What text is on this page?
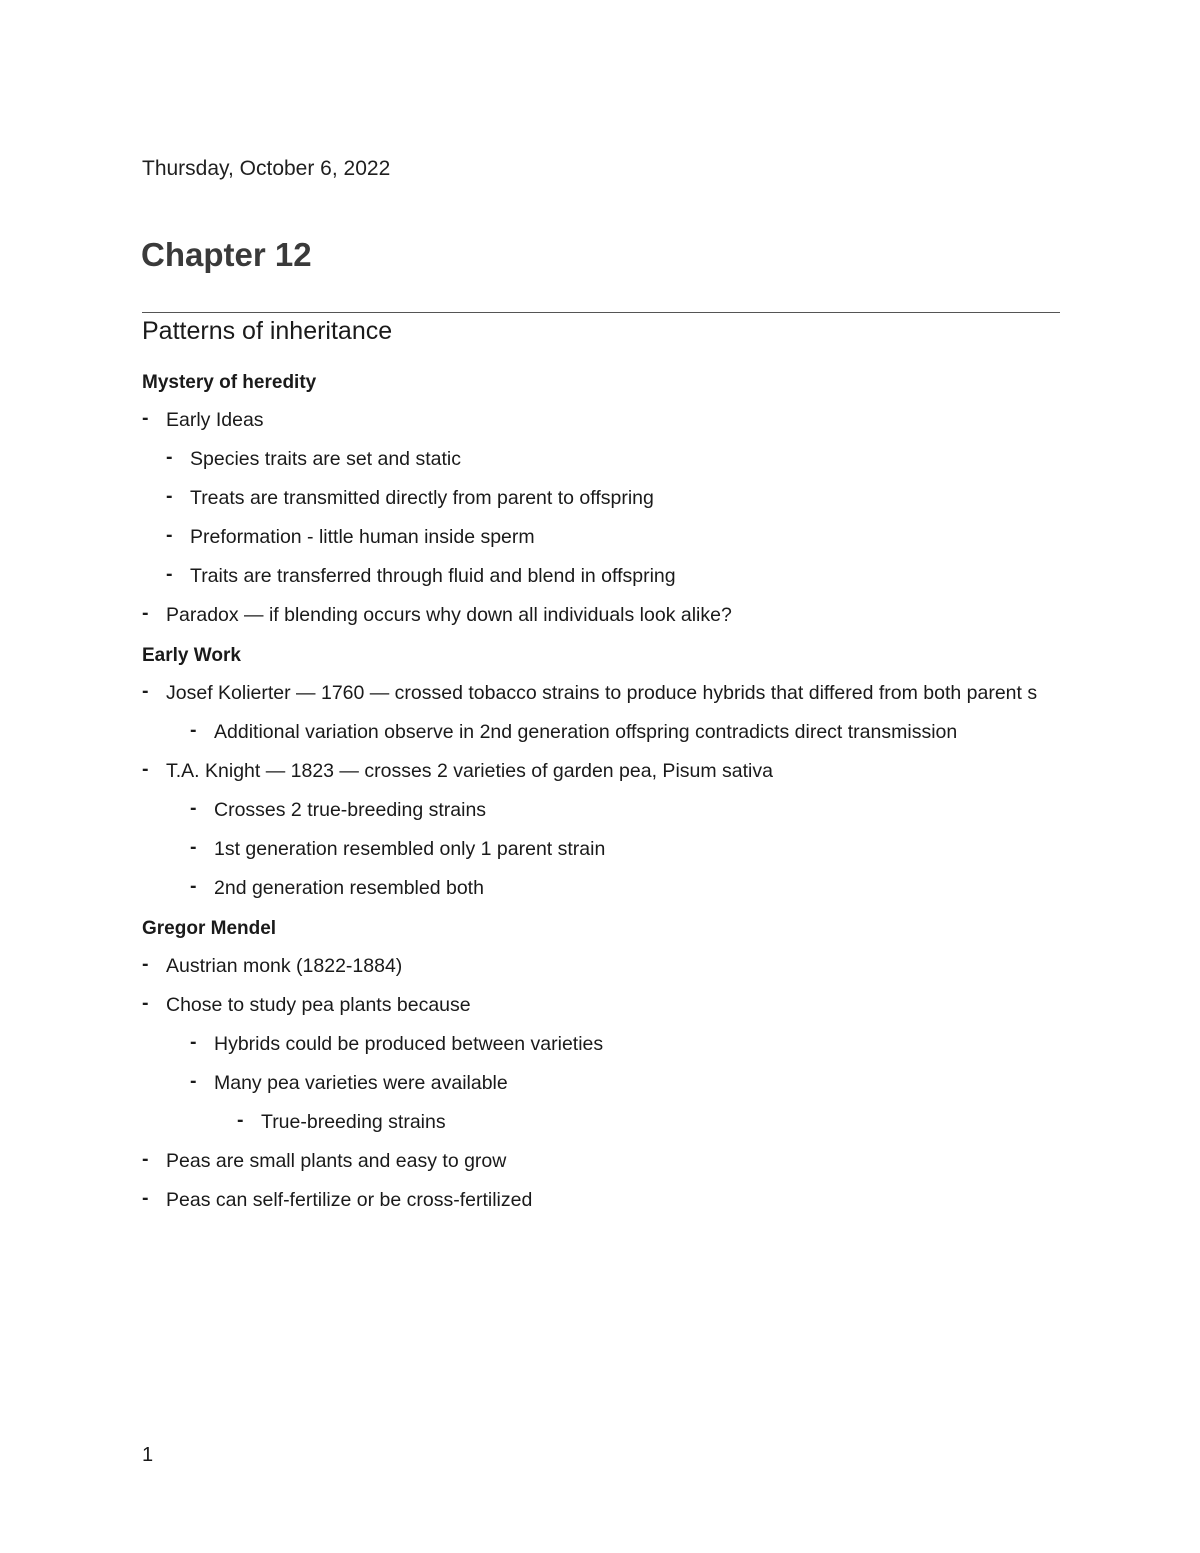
Thursday, October 6, 2022
Chapter 12
Patterns of inheritance
Mystery of heredity
- Early Ideas
- Species traits are set and static
- Treats are transmitted directly from parent to offspring
- Preformation - little human inside sperm
- Traits are transferred through fluid and blend in offspring
- Paradox — if blending occurs why down all individuals look alike?
Early Work
- Josef Kolierter — 1760 — crossed tobacco strains to produce hybrids that differed from both parent s
- Additional variation observe in 2nd generation offspring contradicts direct transmission
- T.A. Knight — 1823 — crosses 2 varieties of garden pea, Pisum sativa
- Crosses 2 true-breeding strains
- 1st generation resembled only 1 parent strain
- 2nd generation resembled both
Gregor Mendel
- Austrian monk (1822-1884)
- Chose to study pea plants because
- Hybrids could be produced between varieties
- Many pea varieties were available
- True-breeding strains
- Peas are small plants and easy to grow
- Peas can self-fertilize or be cross-fertilized
1
